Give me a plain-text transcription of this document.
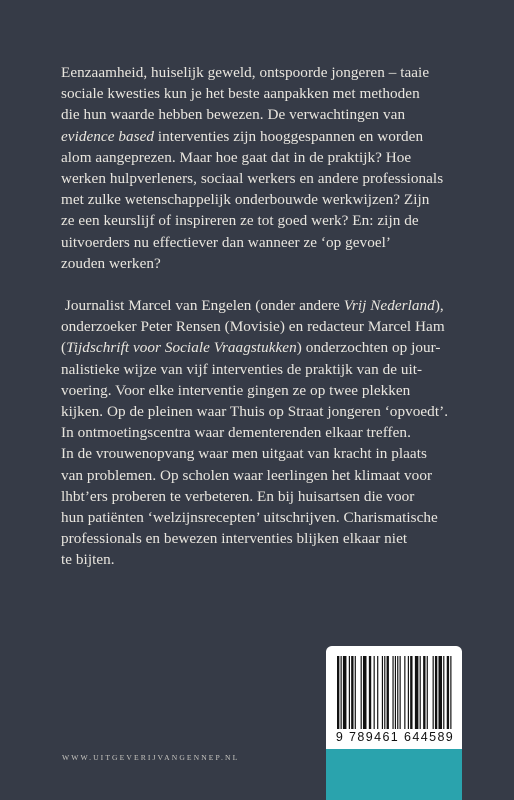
Eenzaamheid, huiselijk geweld, ontspoorde jongeren – taaie
sociale kwesties kun je het beste aanpakken met methoden
die hun waarde hebben bewezen. De verwachtingen van
evidence based interventies zijn hooggespannen en worden
alom aangeprezen. Maar hoe gaat dat in de praktijk? Hoe
werken hulpverleners, sociaal werkers en andere professionals
met zulke wetenschappelijk onderbouwde werkwijzen? Zijn
ze een keurslijf of inspireren ze tot goed werk? En: zijn de
uitvoerders nu effectiever dan wanneer ze ‘op gevoel’
zouden werken?

Journalist Marcel van Engelen (onder andere Vrij Nederland),
onderzoeker Peter Rensen (Movisie) en redacteur Marcel Ham
(Tijdschrift voor Sociale Vraagstukken) onderzochten op jour-
nalistieke wijze van vijf interventies de praktijk van de uit-
voering. Voor elke interventie gingen ze op twee plekken
kijken. Op de pleinen waar Thuis op Straat jongeren ‘opvoedt’.
In ontmoetingscentra waar dementerenden elkaar treffen.
In de vrouwenopvang waar men uitgaat van kracht in plaats
van problemen. Op scholen waar leerlingen het klimaat voor
lhbt’ers proberen te verbeteren. En bij huisartsen die voor
hun patiënten ‘welzijnsrecepten’ uitschrijven. Charismatische
professionals en bewezen interventies blijken elkaar niet
te bijten.

WWW.UITGEVERIJVANGENNEP.NL
9 789461 644589
